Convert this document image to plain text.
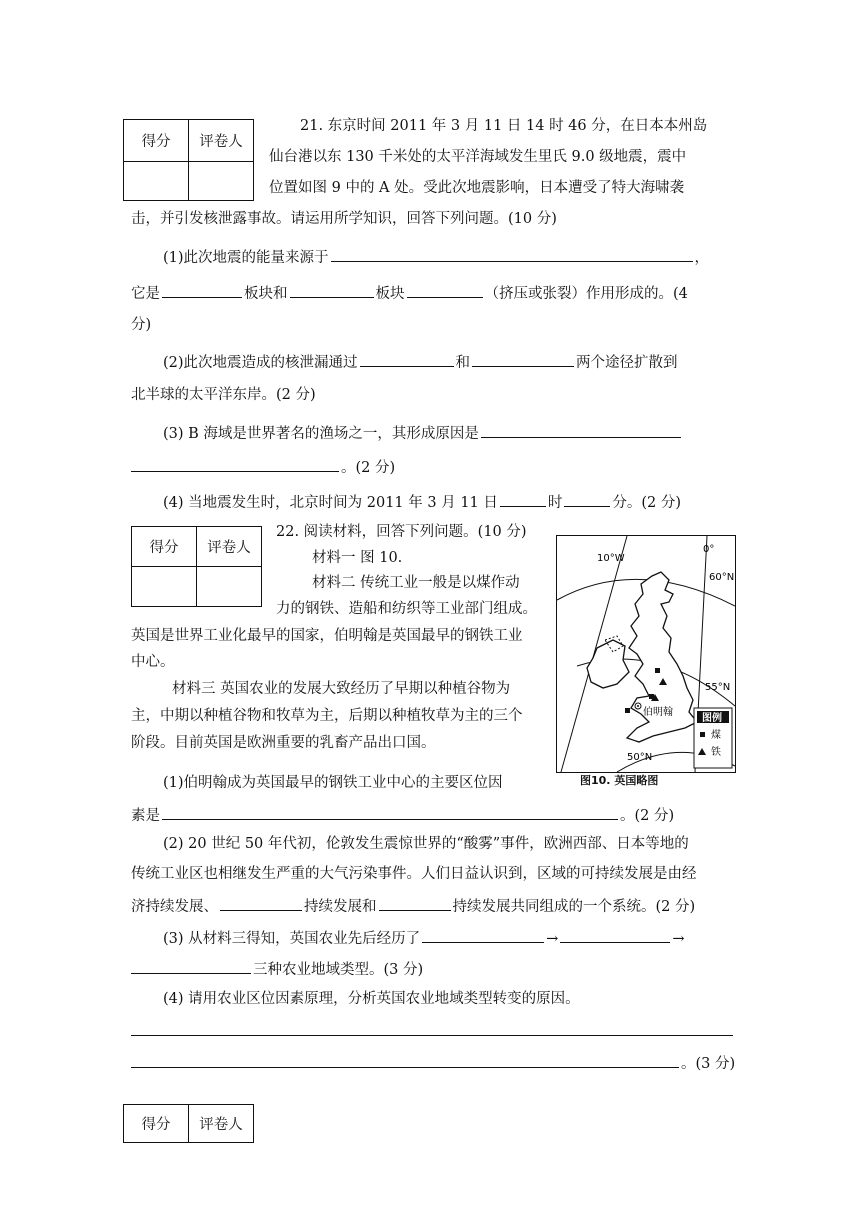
得分	评卷人

21. 东京时间 2011 年 3 月 11 日 14 时 46 分，在日本本州岛
仙台港以东 130 千米处的太平洋海域发生里氏 9.0 级地震，震中
位置如图 9 中的 A 处。受此次地震影响，日本遭受了特大海啸袭
击，并引发核泄露事故。请运用所学知识，回答下列问题。(10 分)
(1)此次地震的能量来源于	，
它是	板块和	板块	（挤压或张裂）作用形成的。(4
分)
(2)此次地震造成的核泄漏通过	和	两个途径扩散到
北半球的太平洋东岸。(2 分)
(3) B 海域是世界著名的渔场之一，其形成原因是
。(2 分)
(4) 当地震发生时，北京时间为 2011 年 3 月 11 日	时	分。(2 分)
得分	评卷人

22. 阅读材料，回答下列问题。(10 分)
材料一 图 10.
材料二 传统工业一般是以煤作动
力的钢铁、造船和纺织等工业部门组成。
英国是世界工业化最早的国家，伯明翰是英国最早的钢铁工业
中心。
材料三 英国农业的发展大致经历了早期以种植谷物为
主，中期以种植谷物和牧草为主，后期以种植牧草为主的三个
阶段。目前英国是欧洲重要的乳畜产品出口国。
伯明翰
10°W
0°
60°N
55°N
50°N
图例
煤
铁
图10. 英国略图
(1)伯明翰成为英国最早的钢铁工业中心的主要区位因
素是	。(2 分)
(2) 20 世纪 50 年代初，伦敦发生震惊世界的“酸雾”事件，欧洲西部、日本等地的
传统工业区也相继发生严重的大气污染事件。人们日益认识到，区域的可持续发展是由经
济持续发展、	持续发展和	持续发展共同组成的一个系统。(2 分)
(3) 从材料三得知，英国农业先后经历了	→	→
三种农业地域类型。(3 分)
(4) 请用农业区位因素原理，分析英国农业地域类型转变的原因。
。(3 分)
得分	评卷人
